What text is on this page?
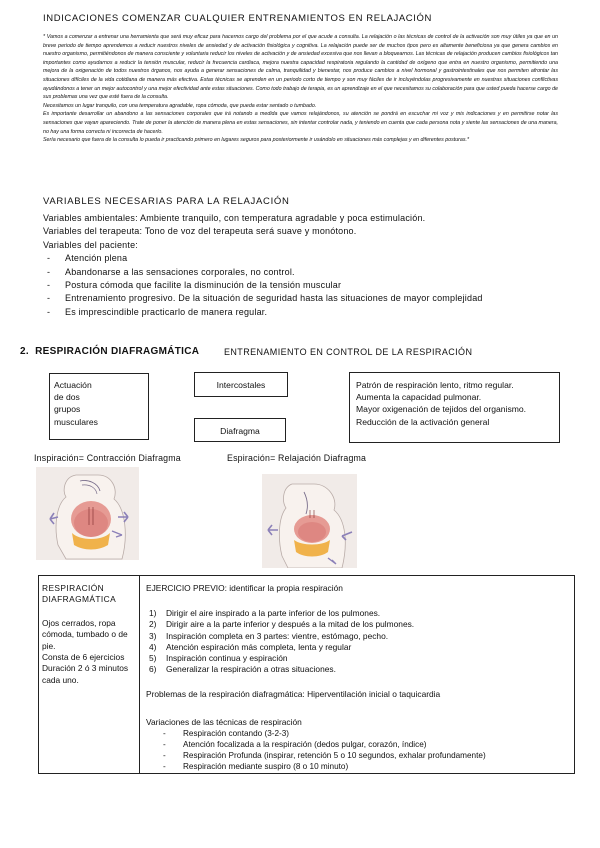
INDICACIONES COMENZAR CUALQUIER ENTRENAMIENTOS EN RELAJACIÓN

* Vamos a comenzar a entrenar una herramienta que será muy eficaz para hacernos cargo del problema por el que acude a consulta. La relajación o las técnicas de control de la activación son muy útiles ya que en un breve periodo de tiempo aprendemos a reducir nuestros niveles de ansiedad y de activación fisiológica y cognitiva. La relajación puede ser de muchos tipos pero es altamente beneficiosa ya que genera cambios en nuestro organismo, permitiéndonos de manera consciente y voluntaria reducir los niveles de activación y de ansiedad excesiva que nos llevan a bloquearnos. Las técnicas de relajación producen cambios fisiológicos tan importantes como ayudarnos a reducir la tensión muscular, reducir la frecuencia cardiaca, mejora nuestra capacidad respiratoria regulando la cantidad de oxígeno que entra en nuestro organismo, permitiendo una mejora de la oxigenación de todos nuestros órganos, nos ayuda a generar sensaciones de calma, tranquilidad y bienestar, nos produce cambios a nivel hormonal y gastrointestinales que nos permiten afrontar las situaciones difíciles de la vida cotidiana de manera más efectiva. Estas técnicas se aprenden en un periodo corto de tiempo y son muy fáciles de ir incluyéndolas progresivamente en nuestras situaciones conflictivas ayudándonos a tener un mejor autocontrol y una mejor efectividad ante estas situaciones. Como todo trabajo de terapia, es un aprendizaje en el que necesitamos su colaboración para que usted pueda hacerse cargo de sus problemas una vez que esté fuera de la consulta.

Necesitamos un lugar tranquilo, con una temperatura agradable, ropa cómoda, que pueda estar sentado o tumbado.

Es importante desarrollar un abandono a las sensaciones corporales que irá notando a medida que vamos relajándonos, su atención se pondrá en escuchar mi voz y mis indicaciones y en permitirse notar las sensaciones que vayan apareciendo. Trate de poner la atención de manera plena en estas sensaciones, sin intentar controlar nada, y teniendo en cuenta que cada persona nota y siente las sensaciones de una manera, no hay una forma correcta ni incorrecta de hacerlo.

Sería necesario que fuera de la consulta lo pueda ir practicando primero en lugares seguros para posteriormente ir usándolo en situaciones más complejas y en diferentes posturas.*

VARIABLES NECESARIAS PARA LA RELAJACIÓN
Variables ambientales: Ambiente tranquilo, con temperatura agradable y poca estimulación.
Variables del terapeuta: Tono de voz del terapeuta será suave y monótono.
Variables del paciente:
- Atención plena
- Abandonarse a las sensaciones corporales, no control.
- Postura cómoda que facilite la disminución de la tensión muscular
- Entrenamiento progresivo. De la situación de seguridad hasta las situaciones de mayor complejidad
- Es imprescindible practicarlo de manera regular.
2. RESPIRACIÓN DIAFRAGMÁTICA	ENTRENAMIENTO EN CONTROL DE LA RESPIRACIÓN
Actuación
de dos
grupos
musculares
Intercostales
Diafragma
Patrón de respiración lento, ritmo regular.
Aumenta la capacidad pulmonar.
Mayor oxigenación de tejidos del organismo.
Reducción de la activación general
Inspiración= Contracción Diafragma	Espiración= Relajación Diafragma
RESPIRACIÓN
DIAFRAGMÁTICA
Ojos cerrados, ropa
cómoda, tumbado o de
pie.
Consta de 6 ejercicios
Duración 2 ó 3 minutos
cada uno.
EJERCICIO PREVIO: identificar la propia respiración
1) Dirigir el aire inspirado a la parte inferior de los pulmones.
2) Dirigir aire a la parte inferior y después a la mitad de los pulmones.
3) Inspiración completa en 3 partes: vientre, estómago, pecho.
4) Atención espiración más completa, lenta y regular
5) Inspiración continua y espiración
6) Generalizar la respiración a otras situaciones.
Problemas de la respiración diafragmática: Hiperventilación inicial o taquicardia
Variaciones de las técnicas de respiración
- Respiración contando (3-2-3)
- Atención focalizada a la respiración (dedos pulgar, corazón, índice)
- Respiración Profunda (inspirar, retención 5 o 10 segundos, exhalar profundamente)
- Respiración mediante suspiro (8 o 10 minuto)
